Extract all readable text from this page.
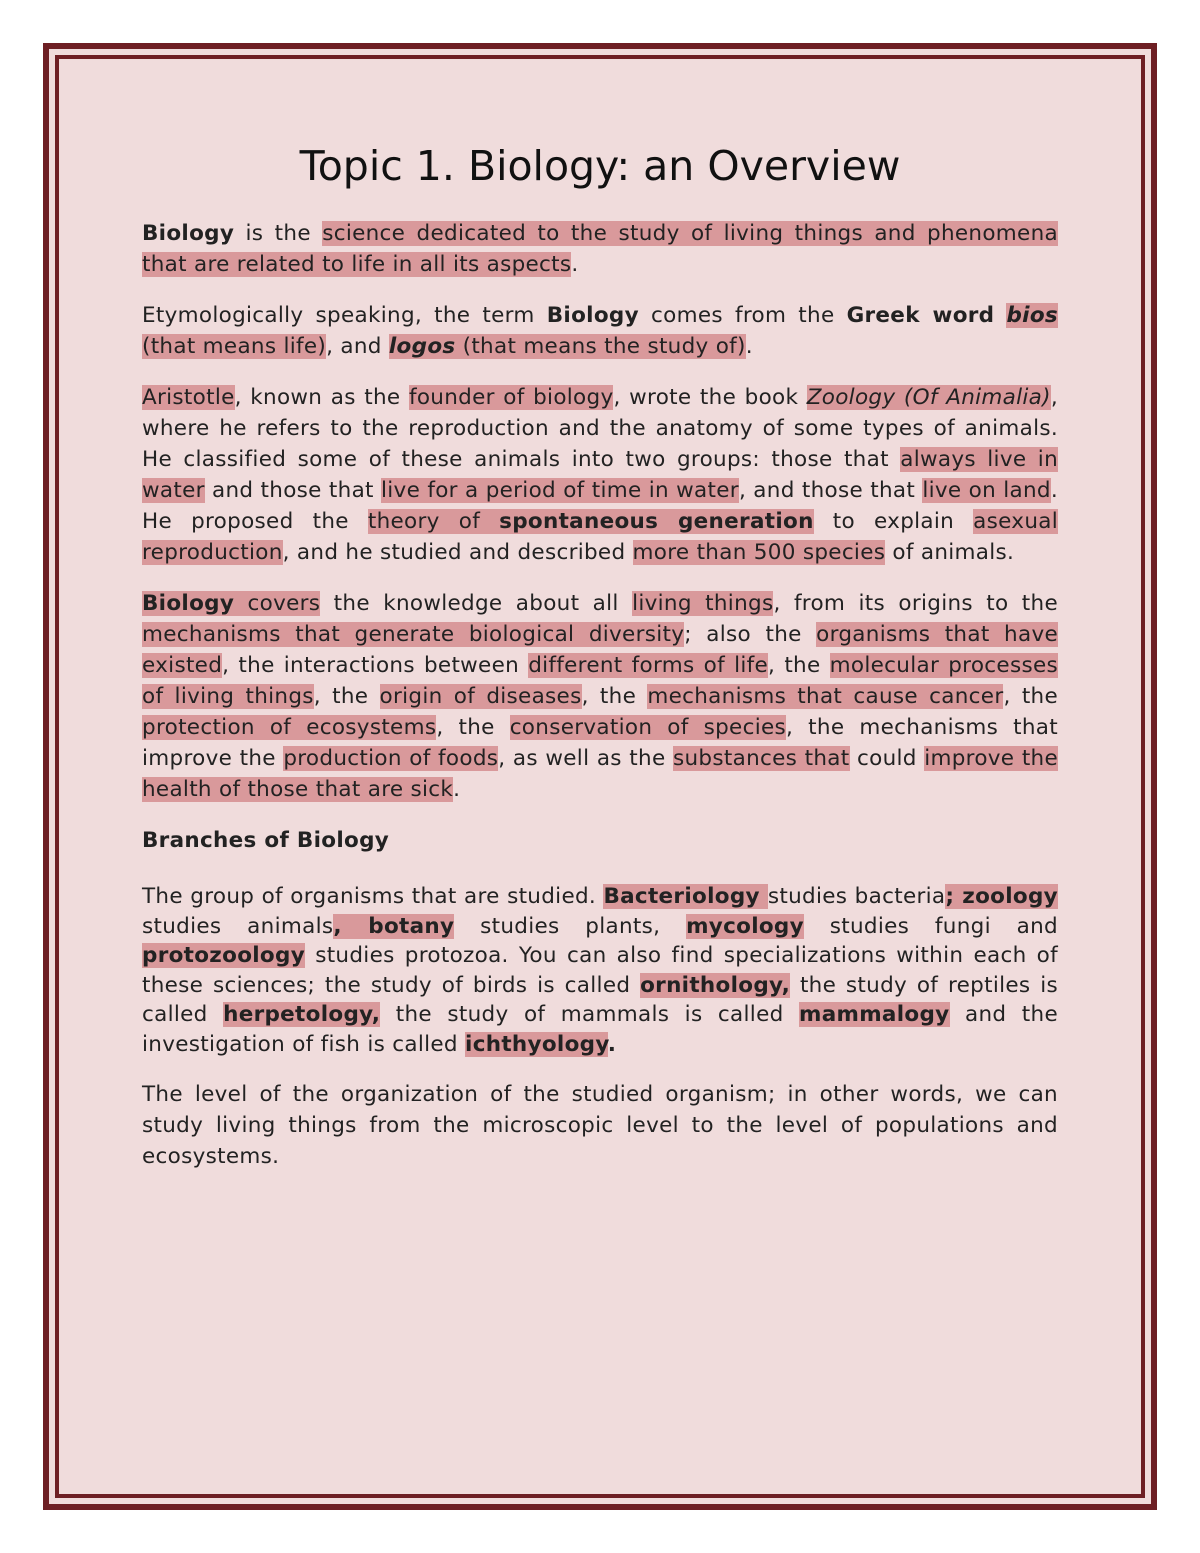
Topic 1. Biology: an Overview

Biology is the science dedicated to the study of living things and phenomena that are related to life in all its aspects.

Etymologically speaking, the term Biology comes from the Greek word bios (that means life), and logos (that means the study of).

Aristotle, known as the founder of biology, wrote the book Zoology (Of Animalia), where he refers to the reproduction and the anatomy of some types of animals. He classified some of these animals into two groups: those that always live in water and those that live for a period of time in water, and those that live on land. He proposed the theory of spontaneous generation to explain asexual reproduction, and he studied and described more than 500 species of animals.

Biology covers the knowledge about all living things, from its origins to the mechanisms that generate biological diversity; also the organisms that have existed, the interactions between different forms of life, the molecular processes of living things, the origin of diseases, the mechanisms that cause cancer, the protection of ecosystems, the conservation of species, the mechanisms that improve the production of foods, as well as the substances that could improve the health of those that are sick.

Branches of Biology

The group of organisms that are studied. Bacteriology studies bacteria; zoology studies animals, botany studies plants, mycology studies fungi and protozoology studies protozoa. You can also find specializations within each of these sciences; the study of birds is called ornithology, the study of reptiles is called herpetology, the study of mammals is called mammalogy and the investigation of fish is called ichthyology.

The level of the organization of the studied organism; in other words, we can study living things from the microscopic level to the level of populations and ecosystems.
